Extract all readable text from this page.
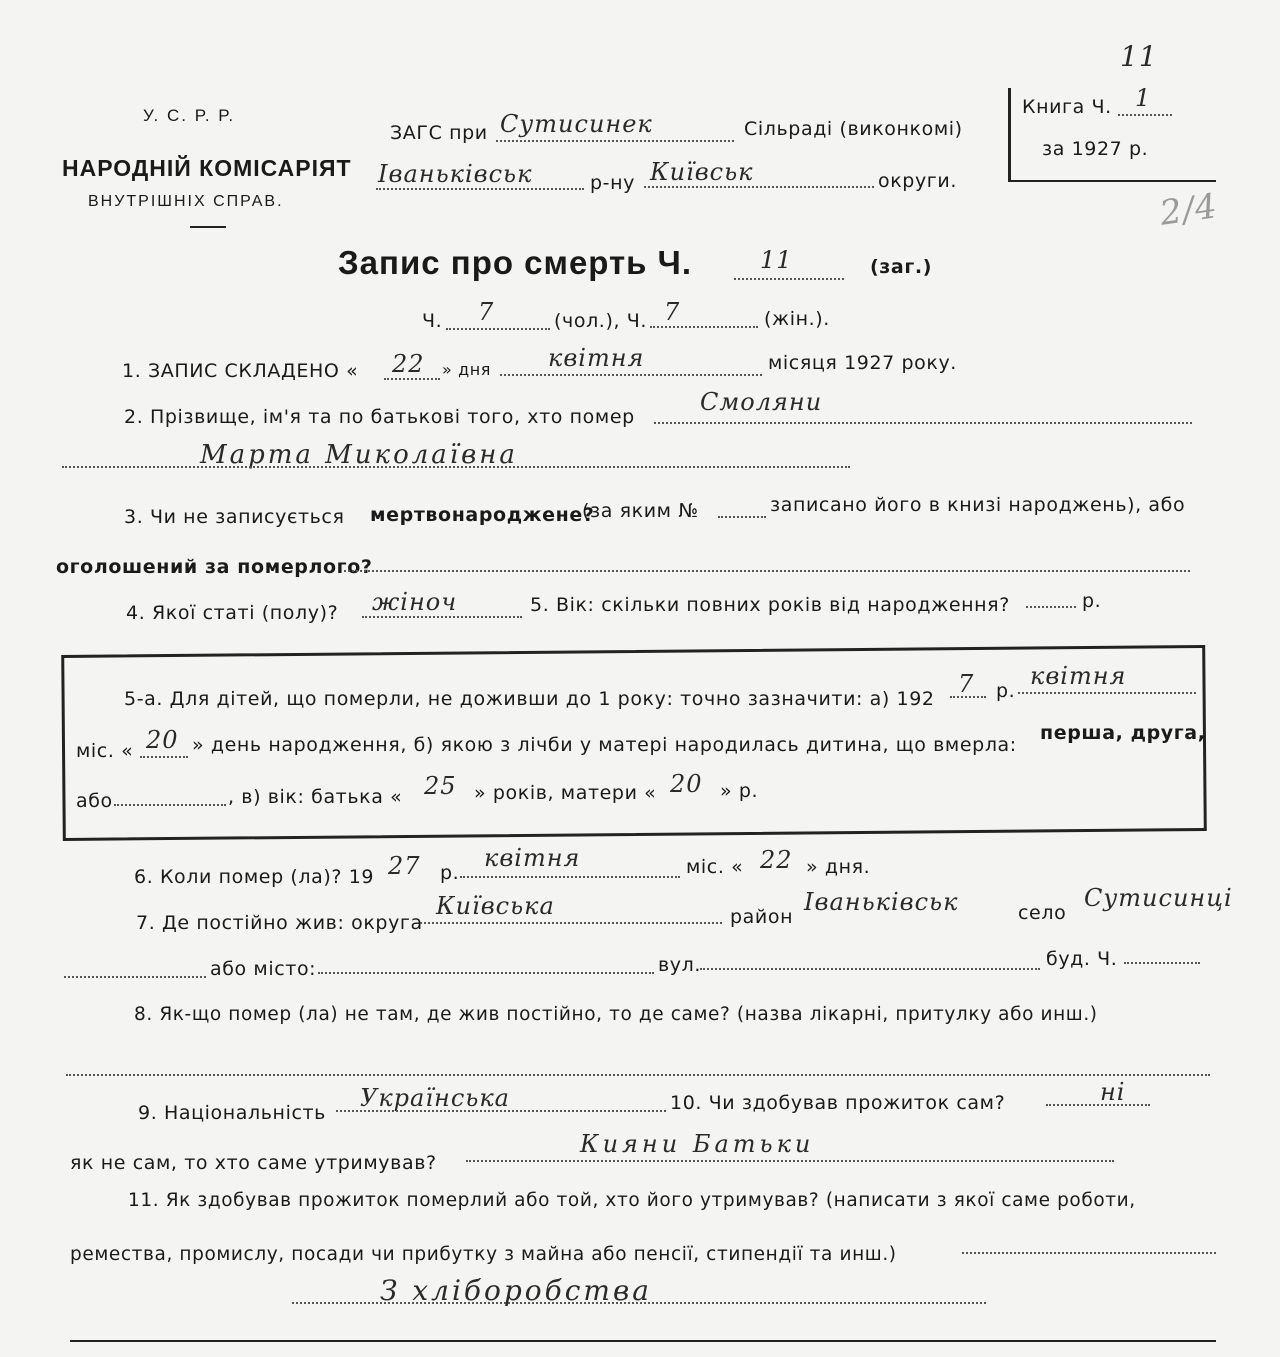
11
У. С. Р. Р.
НАРОДНІЙ КОМІСАРІЯТ
ВНУТРІШНІХ СПРАВ.
ЗАГС при Сутисинек	Сільраді (виконкомі)
Іваньківськ	р-ну Київськ	округи.
Книга Ч. 1
за 1927 р.
2/4
Запис про смерть Ч.	11	(заг.)
Ч. 7	(чол.), Ч. 7	(жін.).
1. ЗАПИС СКЛАДЕНО « 22 » дня квітня	місяця 1927 року.
2. Прізвище, ім'я та по батькові того, хто помер
Смоляни
Марта Миколаївна
3. Чи не записується мертвонароджене?
(за яким №	записано його в книзі народжень), або
оголошений за померлого?
4. Якої статі (полу)? жіноч	5. Вік: скільки повних років від народження?	р.
5-а. Для дітей, що померли, не доживши до 1 року: точно зазначити: а) 192
7 р.
квітня
міс. « 20 » день народження, б) якою з лічби у матері народилась дитина, що вмерла:
перша, друга,
або	, в) вік: батька « 25 » років, матери « 20 » р.
6. Коли помер (ла)? 19 27 р.
квітня	міс. « 22 » дня.
7. Де постійно жив: округа
Київська	район
Іваньківськ	село
Сутисинці
або місто:	вул.	буд. Ч.
8. Як-що помер (ла) не там, де жив постійно, то де саме? (назва лікарні, притулку або инш.)
9. Національність
Українська	10. Чи здобував прожиток сам?	ні
як не сам, то хто саме утримував?
Кияни Батьки
11. Як здобував прожиток померлий або той, хто його утримував? (написати з якої саме роботи,
ремества, промислу, посади чи прибутку з майна або пенсії, стипендії та инш.)
З хліборобства
